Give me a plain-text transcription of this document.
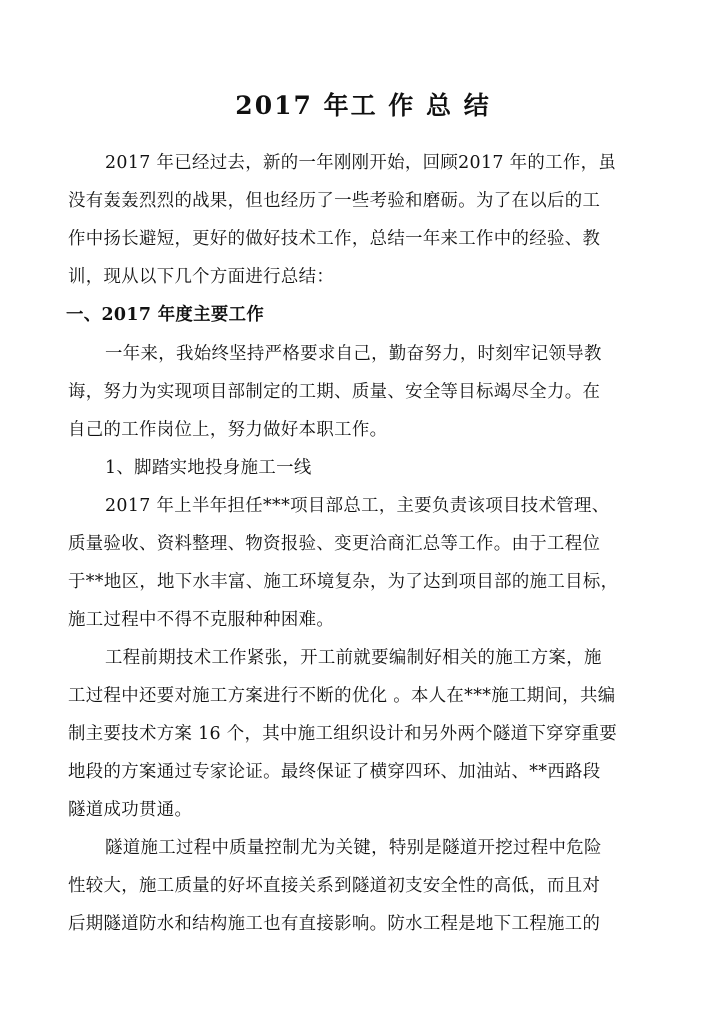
2017 年工 作 总 结
2017 年已经过去，新的一年刚刚开始，回顾2017 年的工作，虽
没有轰轰烈烈的战果，但也经历了一些考验和磨砺。为了在以后的工
作中扬长避短，更好的做好技术工作，总结一年来工作中的经验、教
训，现从以下几个方面进行总结：
一、2017 年度主要工作
一年来，我始终坚持严格要求自己，勤奋努力，时刻牢记领导教
诲，努力为实现项目部制定的工期、质量、安全等目标竭尽全力。在
自己的工作岗位上，努力做好本职工作。
1、脚踏实地投身施工一线
2017 年上半年担任***项目部总工，主要负责该项目技术管理、
质量验收、资料整理、物资报验、变更洽商汇总等工作。由于工程位
于**地区，地下水丰富、施工环境复杂，为了达到项目部的施工目标，
施工过程中不得不克服种种困难。
工程前期技术工作紧张，开工前就要编制好相关的施工方案，施
工过程中还要对施工方案进行不断的优化 。本人在***施工期间，共编
制主要技术方案 16 个，其中施工组织设计和另外两个隧道下穿穿重要
地段的方案通过专家论证。最终保证了横穿四环、加油站、**西路段
隧道成功贯通。
隧道施工过程中质量控制尤为关键，特别是隧道开挖过程中危险
性较大，施工质量的好坏直接关系到隧道初支安全性的高低，而且对
后期隧道防水和结构施工也有直接影响。防水工程是地下工程施工的
